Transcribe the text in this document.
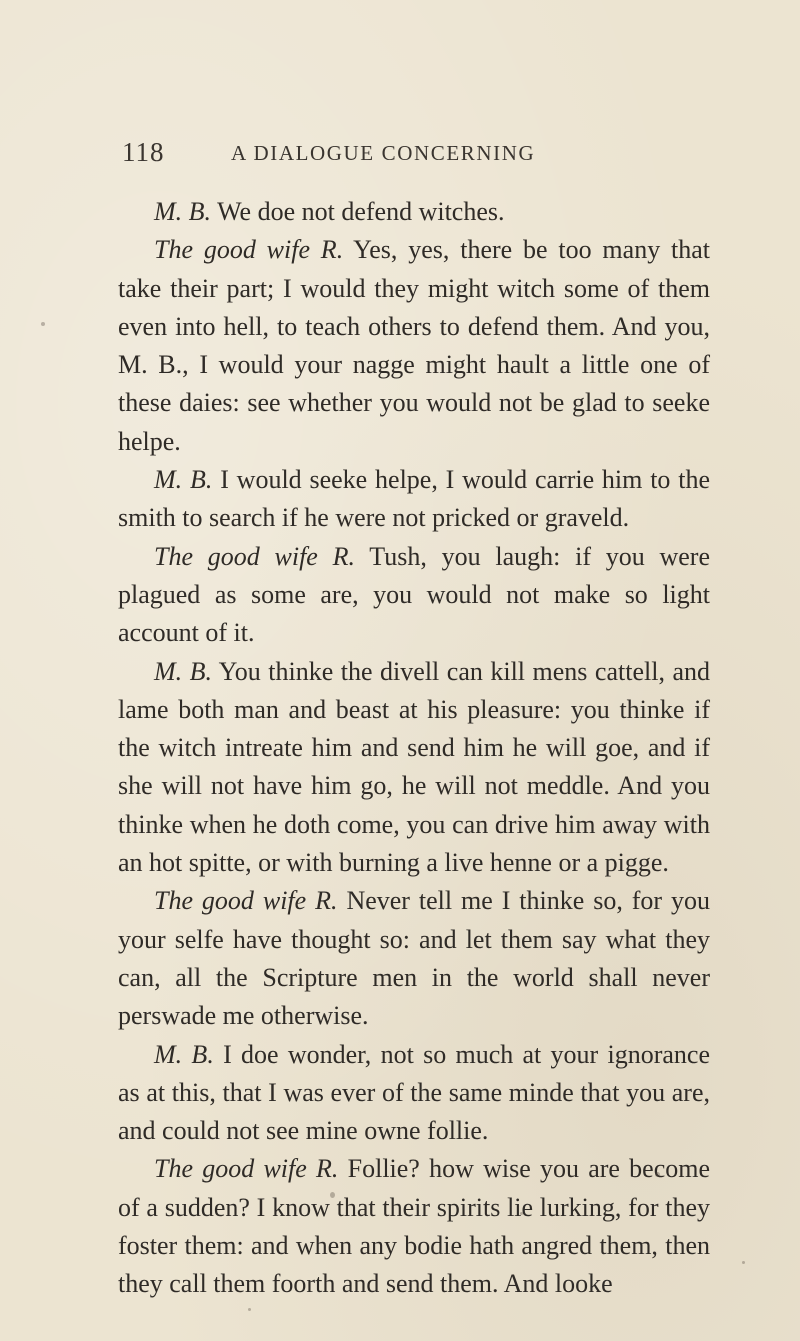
118	A DIALOGUE CONCERNING

M. B. We doe not defend witches.

The good wife R. Yes, yes, there be too many that take their part; I would they might witch some of them even into hell, to teach others to defend them. And you, M. B., I would your nagge might hault a little one of these daies: see whether you would not be glad to seeke helpe.

M. B. I would seeke helpe, I would carrie him to the smith to search if he were not pricked or graveld.

The good wife R. Tush, you laugh: if you were plagued as some are, you would not make so light account of it.

M. B. You thinke the divell can kill mens cattell, and lame both man and beast at his pleasure: you thinke if the witch intreate him and send him he will goe, and if she will not have him go, he will not meddle. And you thinke when he doth come, you can drive him away with an hot spitte, or with burning a live henne or a pigge.

The good wife R. Never tell me I thinke so, for you your selfe have thought so: and let them say what they can, all the Scripture men in the world shall never perswade me otherwise.

M. B. I doe wonder, not so much at your ignorance as at this, that I was ever of the same minde that you are, and could not see mine owne follie.

The good wife R. Follie? how wise you are become of a sudden? I know that their spirits lie lurking, for they foster them: and when any bodie hath angred them, then they call them foorth and send them. And looke
